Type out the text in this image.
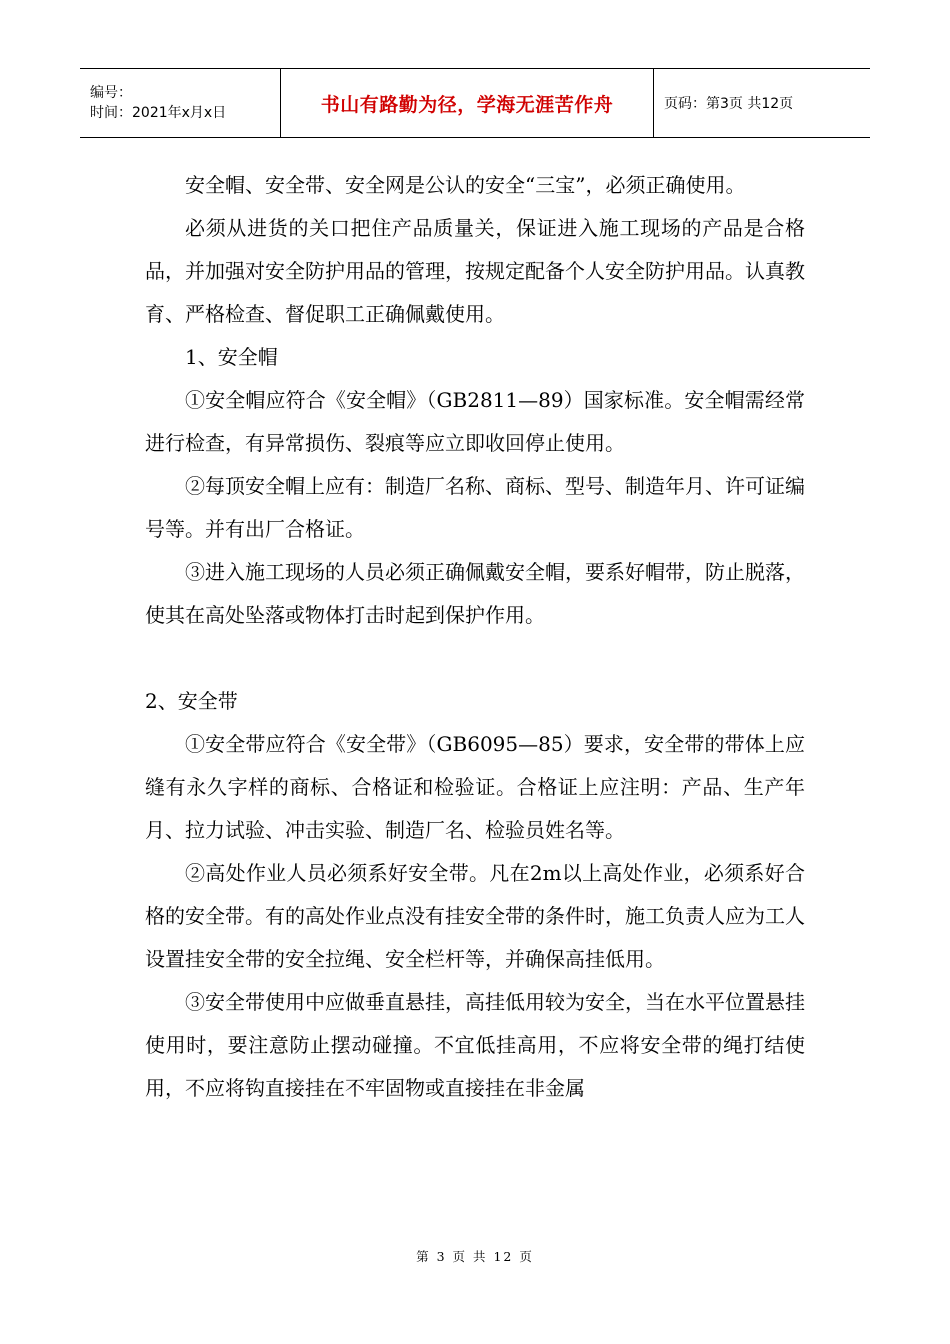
编号：
时间：2021年x月x日	书山有路勤为径，学海无涯苦作舟	页码：第3页 共12页

安全帽、安全带、安全网是公认的安全“三宝”，必须正确使用。

必须从进货的关口把住产品质量关，保证进入施工现场的产品是合格品，并加强对安全防护用品的管理，按规定配备个人安全防护用品。认真教育、严格检查、督促职工正确佩戴使用。

1、安全帽

①安全帽应符合《安全帽》（GB2811—89）国家标准。安全帽需经常进行检查，有异常损伤、裂痕等应立即收回停止使用。

②每顶安全帽上应有：制造厂名称、商标、型号、制造年月、许可证编号等。并有出厂合格证。

③进入施工现场的人员必须正确佩戴安全帽，要系好帽带，防止脱落，使其在高处坠落或物体打击时起到保护作用。

2、安全带

①安全带应符合《安全带》（GB6095—85）要求，安全带的带体上应缝有永久字样的商标、合格证和检验证。合格证上应注明：产品、生产年月、拉力试验、冲击实验、制造厂名、检验员姓名等。

②高处作业人员必须系好安全带。凡在2m以上高处作业，必须系好合格的安全带。有的高处作业点没有挂安全带的条件时，施工负责人应为工人设置挂安全带的安全拉绳、安全栏杆等，并确保高挂低用。

③安全带使用中应做垂直悬挂，高挂低用较为安全，当在水平位置悬挂使用时，要注意防止摆动碰撞。不宜低挂高用，不应将安全带的绳打结使用，不应将钩直接挂在不牢固物或直接挂在非金属

第 3 页 共 12 页
